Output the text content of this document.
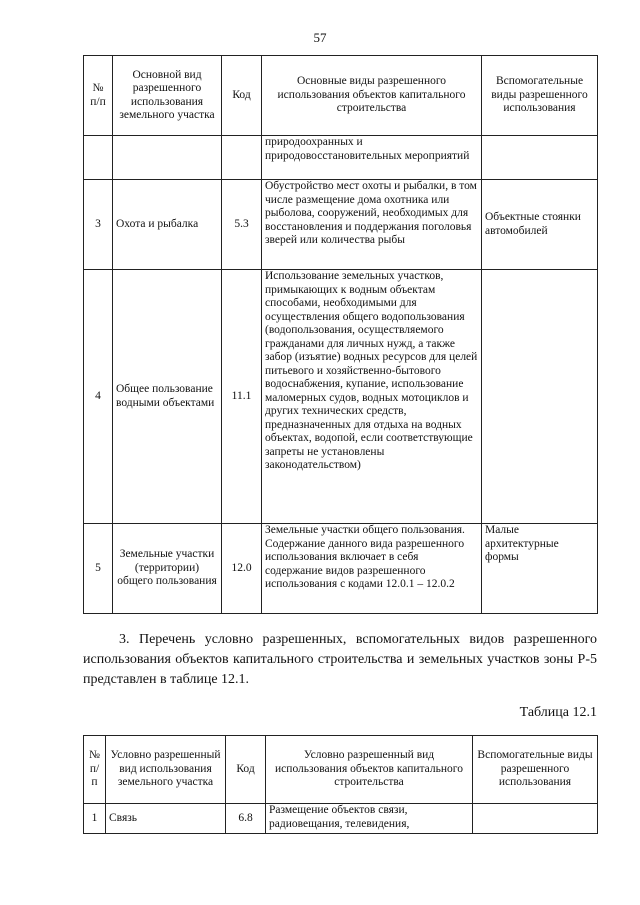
57
№ п/п	Основной вид разрешенного использования земельного участка	Код	Основные виды разрешенного использования объектов капитального строительства	Вспомогательные виды разрешенного использования
			природоохранных и природовосстановительных мероприятий	
3	Охота и рыбалка	5.3	Обустройство мест охоты и рыбалки, в том числе размещение дома охотника или рыболова, сооружений, необходимых для восстановления и поддержания поголовья зверей или количества рыбы	Объектные стоянки автомобилей
4	Общее пользование водными объектами	11.1	Использование земельных участков, примыкающих к водным объектам способами, необходимыми для осуществления общего водопользования (водопользования, осуществляемого гражданами для личных нужд, а также забор (изъятие) водных ресурсов для целей питьевого и хозяйственно-бытового водоснабжения, купание, использование маломерных судов, водных мотоциклов и других технических средств, предназначенных для отдыха на водных объектах, водопой, если соответствующие запреты не установлены законодательством)	
5	Земельные участки (территории) общего пользования	12.0	Земельные участки общего пользования. Содержание данного вида разрешенного использования включает в себя содержание видов разрешенного использования с кодами 12.0.1 – 12.0.2	Малые архитектурные формы

3. Перечень условно разрешенных, вспомогательных видов разрешенного использования объектов капитального строительства и земельных участков зоны Р-5 представлен в таблице 12.1.

Таблица 12.1
№ п/п	Условно разрешенный вид использования земельного участка	Код	Условно разрешенный вид использования объектов капитального строительства	Вспомогательные виды разрешенного использования
1	Связь	6.8	Размещение объектов связи, радиовещания, телевидения,	
